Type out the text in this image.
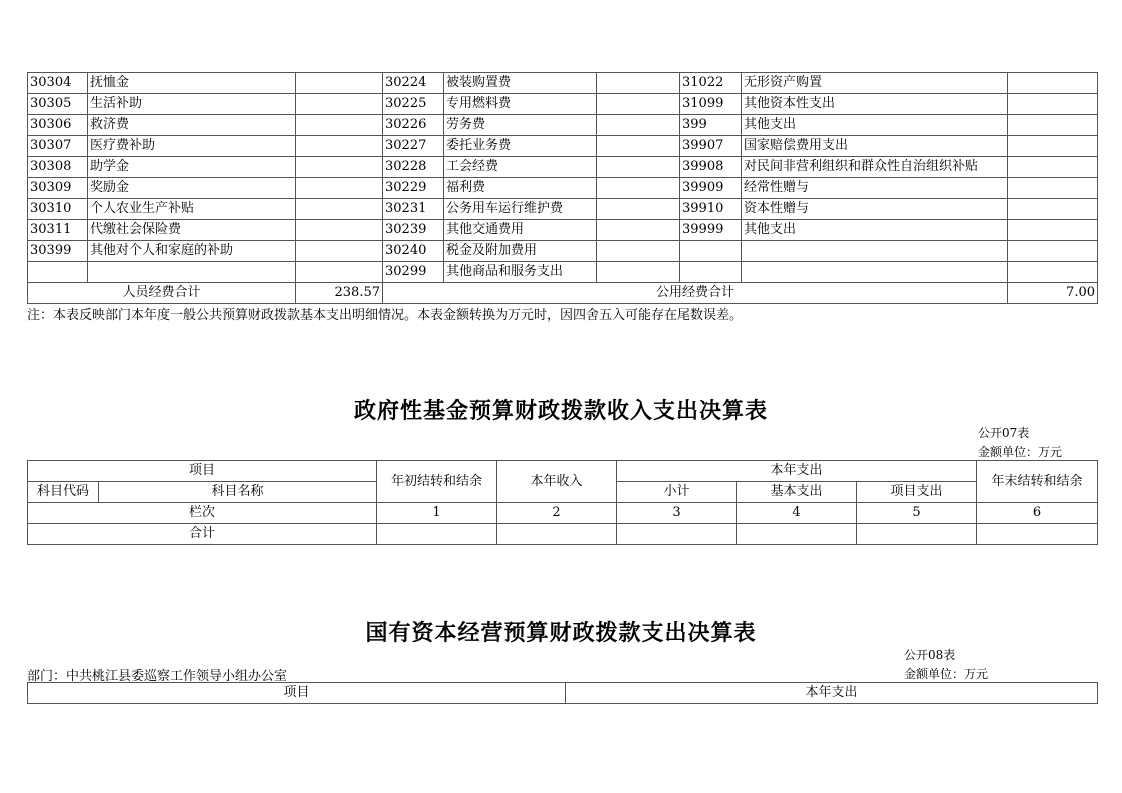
30304	抚恤金		30224	被装购置费		31022	无形资产购置	
30305	生活补助		30225	专用燃料费		31099	其他资本性支出	
30306	救济费		30226	劳务费		399	其他支出	
30307	医疗费补助		30227	委托业务费		39907	国家赔偿费用支出	
30308	助学金		30228	工会经费		39908	对民间非营利组织和群众性自治组织补贴	
30309	奖励金		30229	福利费		39909	经常性赠与	
30310	个人农业生产补贴		30231	公务用车运行维护费		39910	资本性赠与	
30311	代缴社会保险费		30239	其他交通费用		39999	其他支出	
30399	其他对个人和家庭的补助		30240	税金及附加费用				
			30299	其他商品和服务支出				
人员经费合计		238.57	公用经费合计					7.00
注：本表反映部门本年度一般公共预算财政拨款基本支出明细情况。本表金额转换为万元时，因四舍五入可能存在尾数误差。
政府性基金预算财政拨款收入支出决算表
公开07表
金额单位：万元
项目		年初结转和结余	本年收入	本年支出			年末结转和结余
科目代码	科目名称			小计	基本支出	项目支出	
栏次		1	2	3	4	5	6
合计							
国有资本经营预算财政拨款支出决算表
公开08表
金额单位：万元
部门：中共桃江县委巡察工作领导小组办公室
项目	本年支出
